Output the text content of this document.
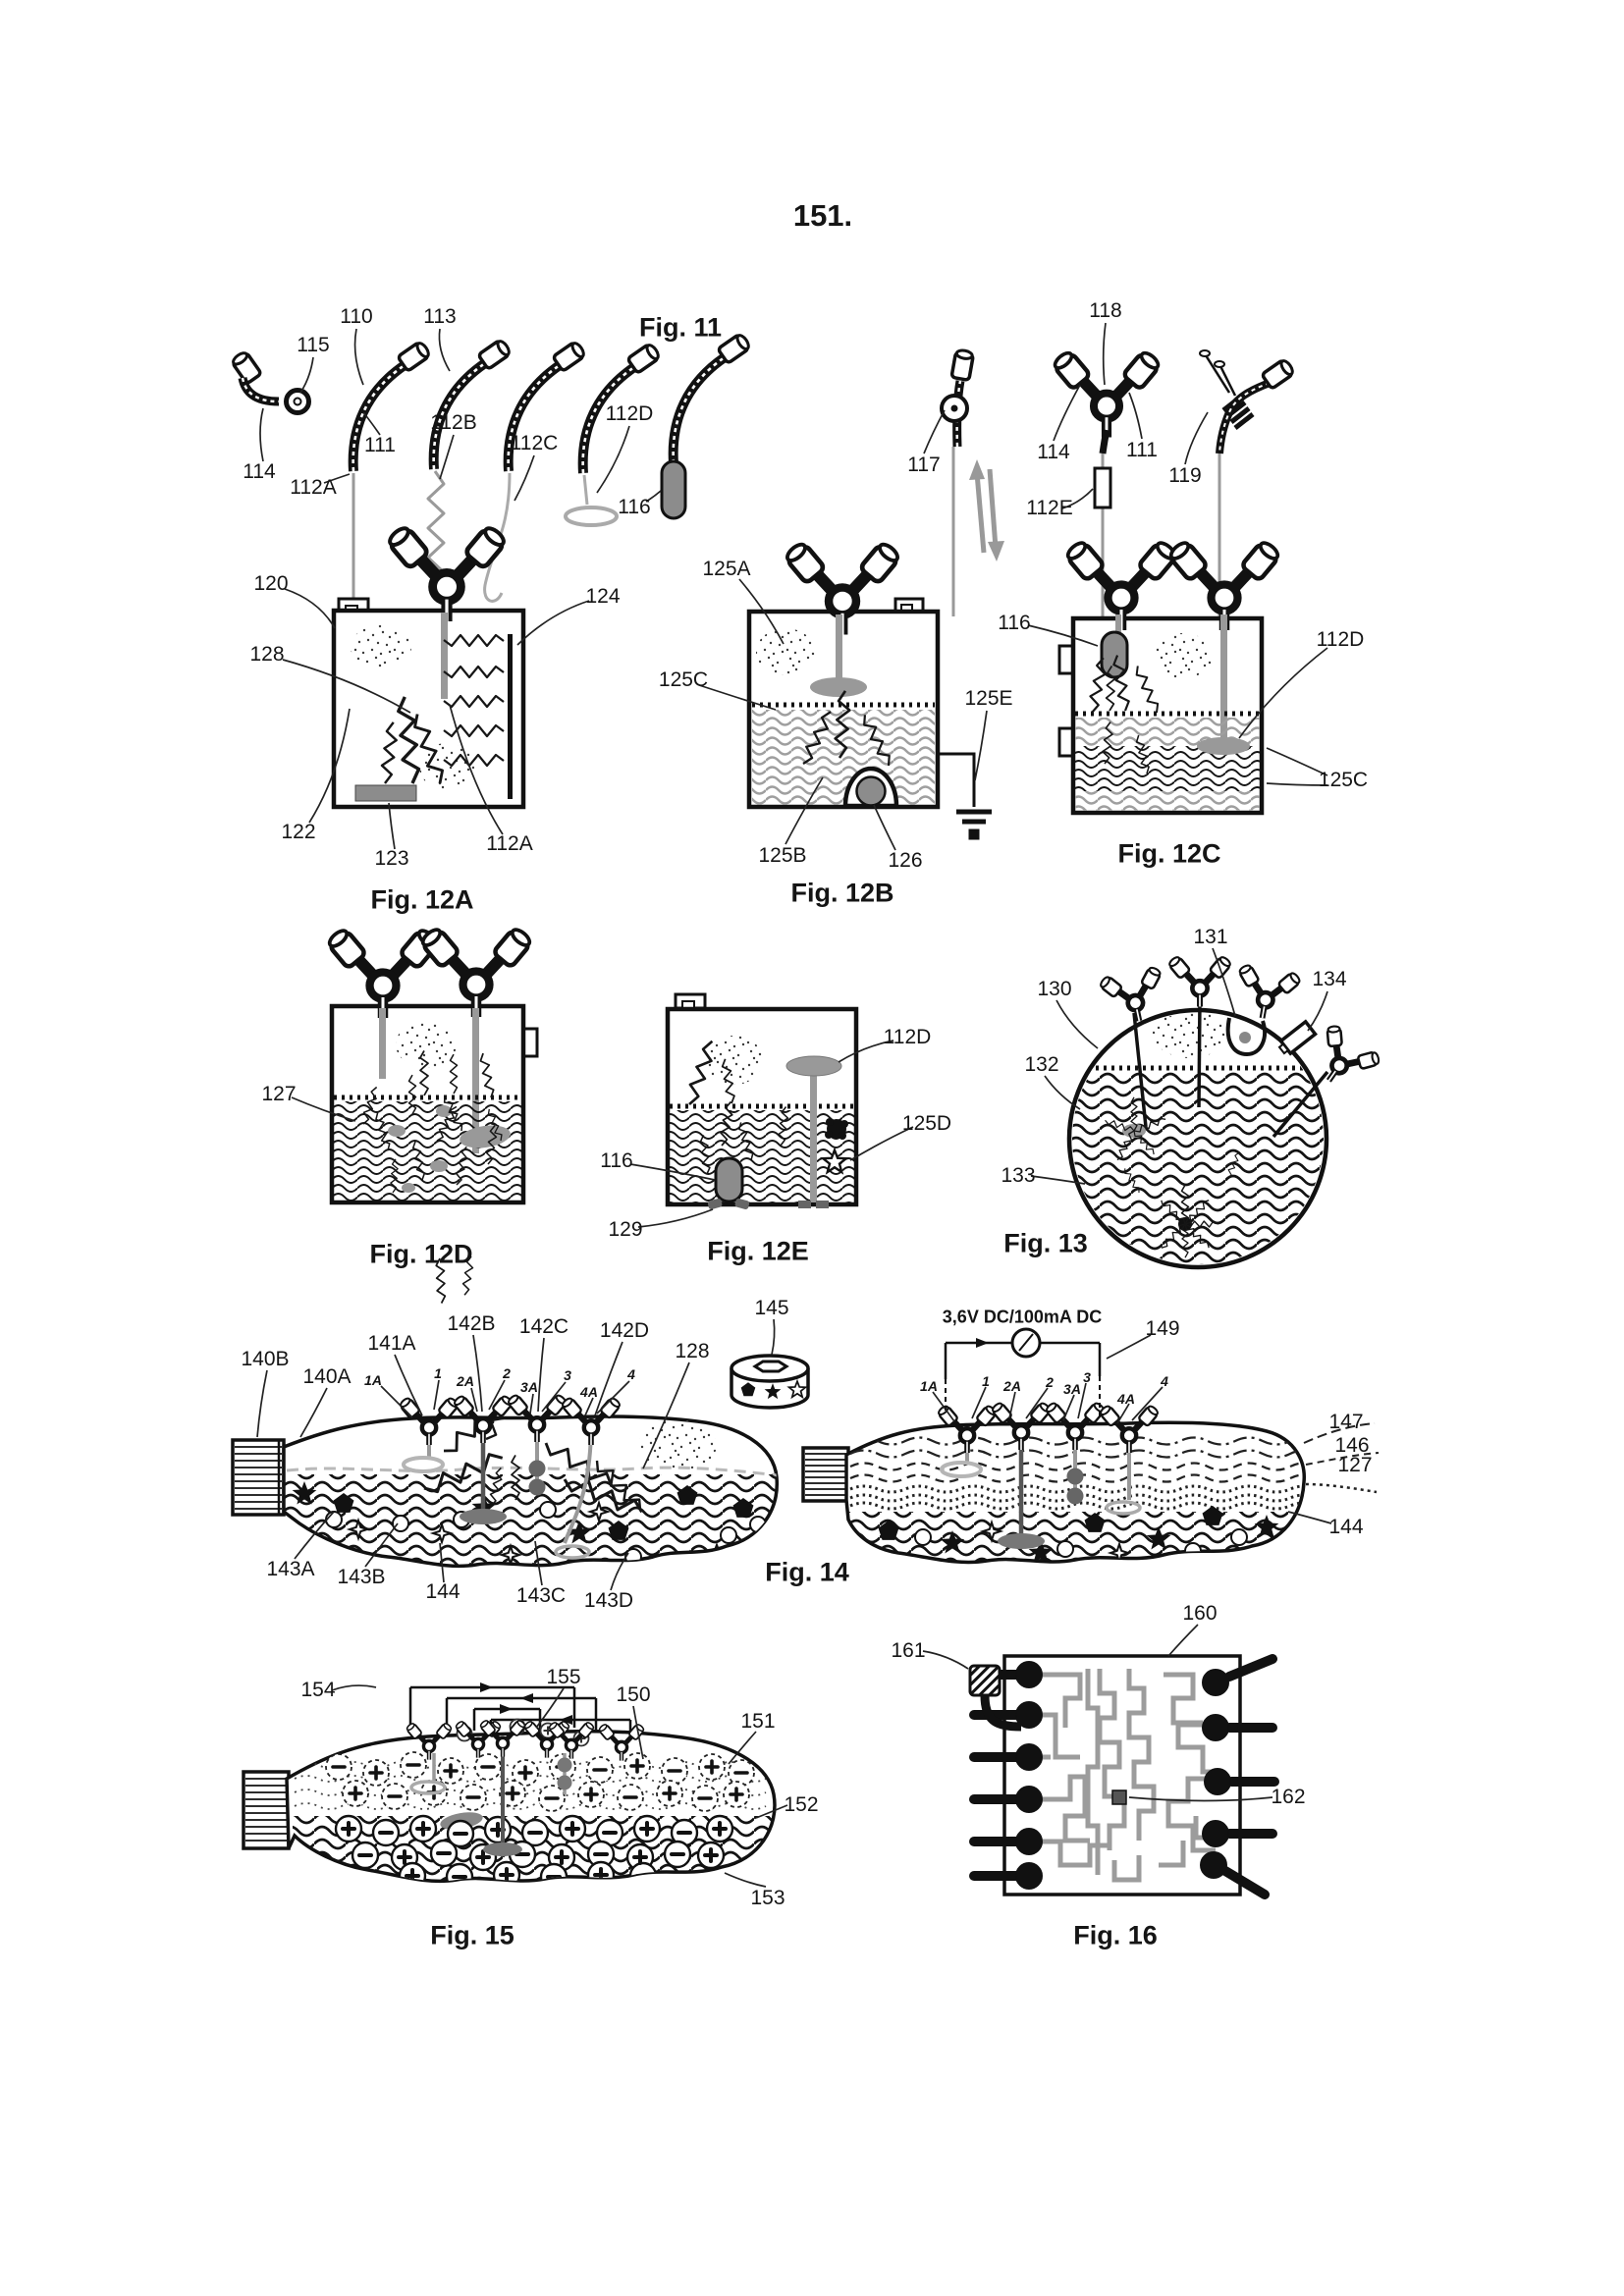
151.
Fig. 11
110 113
115
114
111
112A
112B
112C
112D
116
117
118
114	111
112E
119
Fig. 12A
120
124
128
122
123
112A
Fig. 12B
125A
125C
125E
125B	126	Fig. 12C
116
112D
125C
Fig. 12D
127
Fig. 12E
112D
125D
116
129	Fig. 13
130
131
132
133
134
Fig. 14
3,6V DC/100mA DC
140B
140A
141A
142B 142C 142D
128
145
143A 143B
144	143C 143D
1A	1 2A 2
3A
3
4A
4
149
147
146
127
144
1A	1 2A 2 3A
3
4A
4
Fig. 15
154
155
150
151
152
153
Fig. 16
160
161
162
